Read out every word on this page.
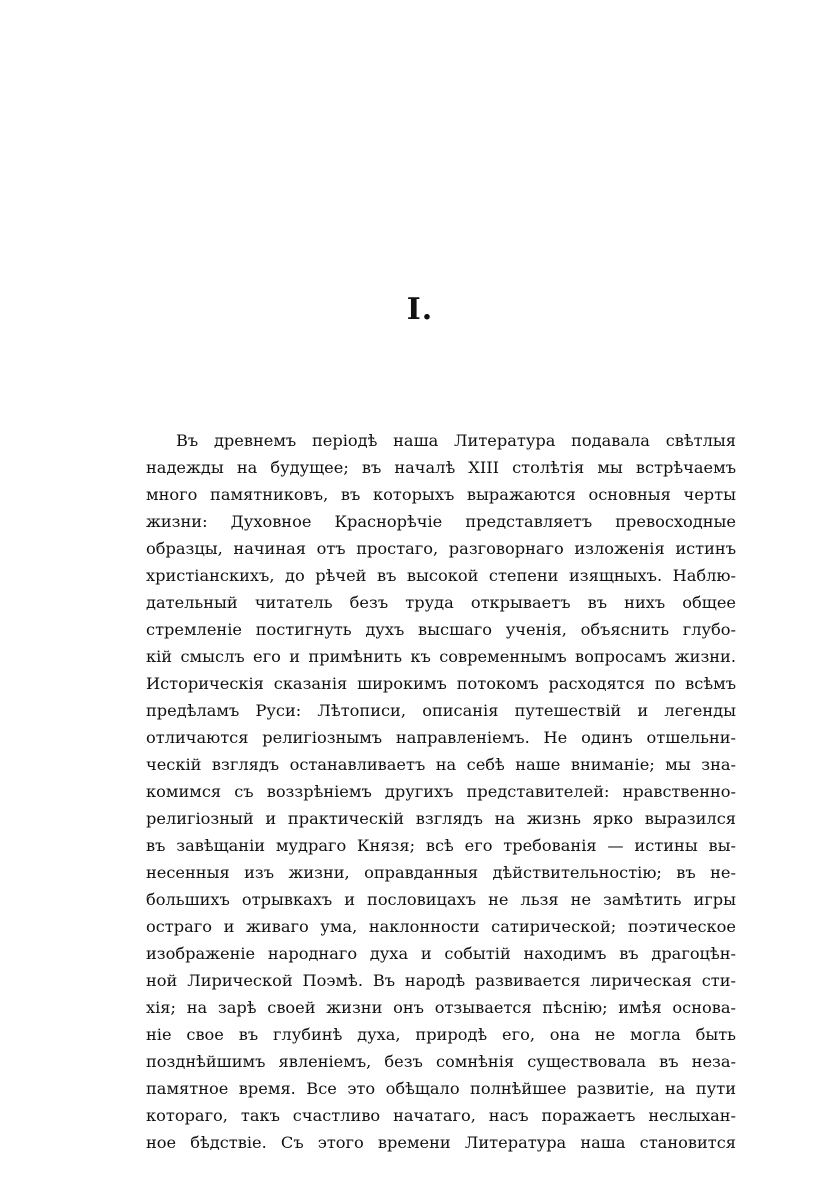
I.
Въ древнемъ періодѣ наша Литература подавала свѣтлыя
надежды на будущее; въ началѣ XIII столѣтія мы встрѣчаемъ
много памятниковъ, въ которыхъ выражаются основныя черты
жизни: Духовное Краснорѣчіе представляетъ превосходные
образцы, начиная отъ простаго, разговорнаго изложенія истинъ
христіанскихъ, до рѣчей въ высокой степени изящныхъ. Наблю-
дательный читатель безъ труда открываетъ въ нихъ общее
стремленіе постигнуть духъ высшаго ученія, объяснить глубо-
кій смыслъ его и примѣнить къ современнымъ вопросамъ жизни.
Историческія сказанія широкимъ потокомъ расходятся по всѣмъ
предѣламъ Руси: Лѣтописи, описанія путешествій и легенды
отличаются религіознымъ направленіемъ. Не одинъ отшельни-
ческій взглядъ останавливаетъ на себѣ наше вниманіе; мы зна-
комимся съ воззрѣніемъ другихъ представителей: нравственно-
религіозный и практическій взглядъ на жизнь ярко выразился
въ завѣщаніи мудраго Князя; всѣ его требованія — истины вы-
несенныя изъ жизни, оправданныя дѣйствительностію; въ не-
большихъ отрывкахъ и пословицахъ не льзя не замѣтить игры
остраго и живаго ума, наклонности сатирической; поэтическое
изображеніе народнаго духа и событій находимъ въ драгоцѣн-
ной Лирической Поэмѣ. Въ народѣ развивается лирическая сти-
хія; на зарѣ своей жизни онъ отзывается пѣснію; имѣя основа-
ніе свое въ глубинѣ духа, природѣ его, она не могла быть
позднѣйшимъ явленіемъ, безъ сомнѣнія существовала въ неза-
памятное время. Все это обѣщало полнѣйшее развитіе, на пути
котораго, такъ счастливо начатаго, насъ поражаетъ неслыхан-
ное бѣдствіе. Съ этого времени Литература наша становится
